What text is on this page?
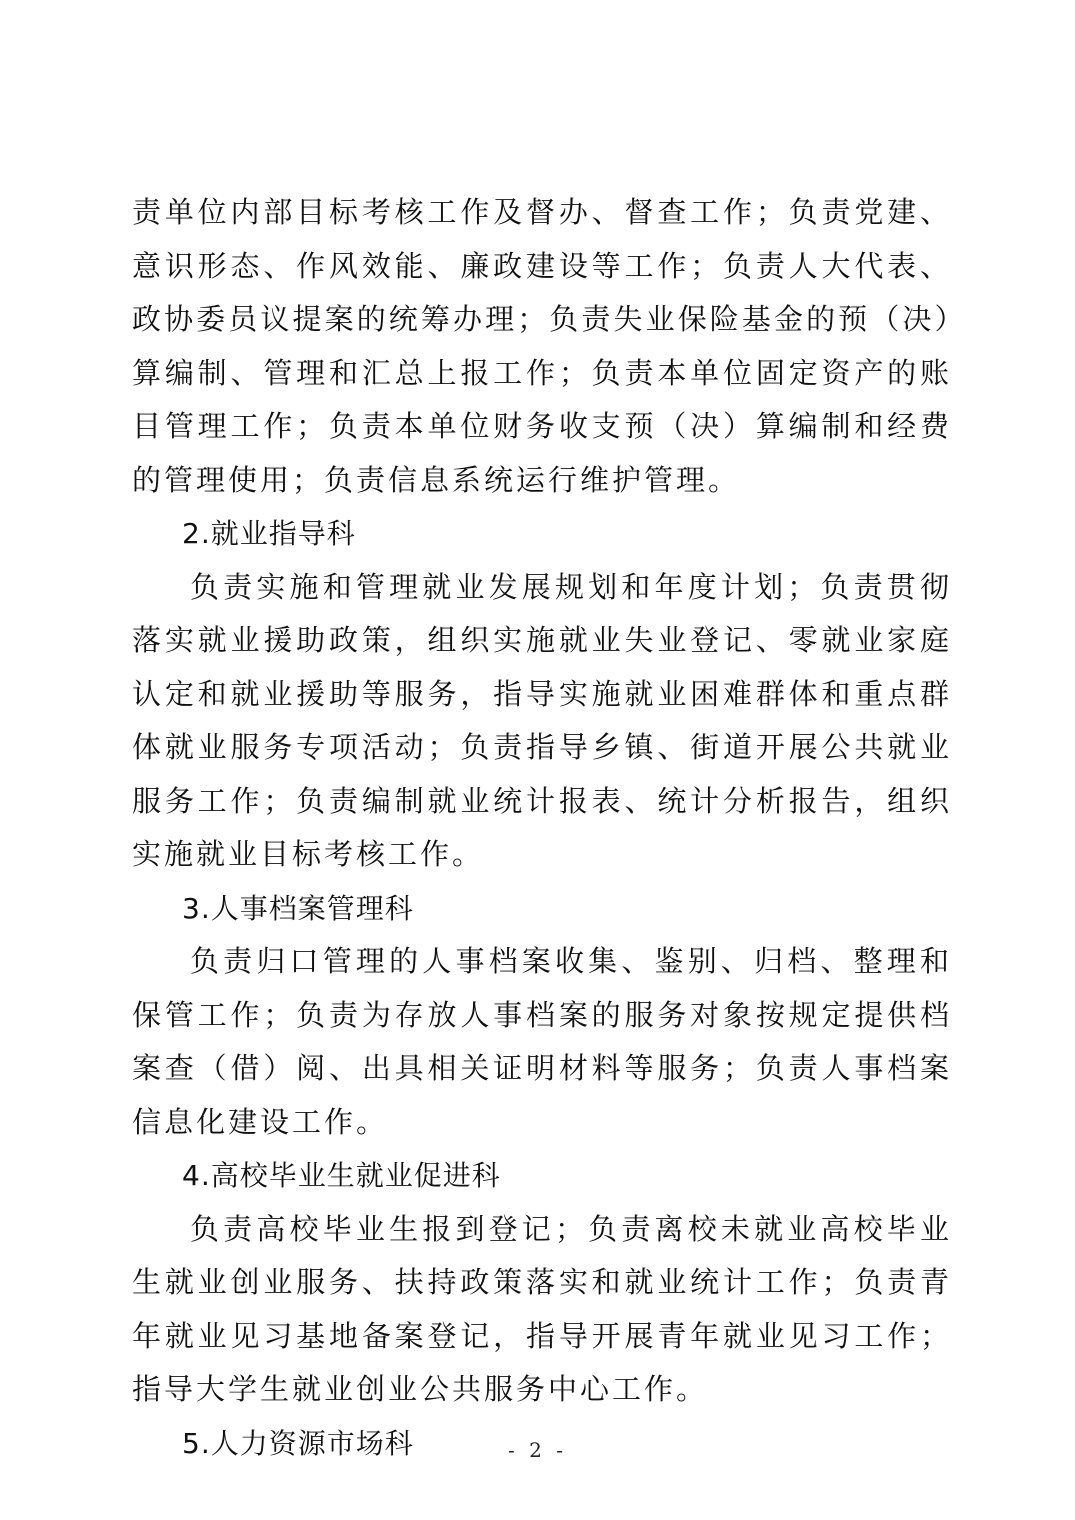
责单位内部目标考核工作及督办、督查工作；负责党建、意识形态、作风效能、廉政建设等工作；负责人大代表、政协委员议提案的统筹办理；负责失业保险基金的预（决）算编制、管理和汇总上报工作；负责本单位固定资产的账目管理工作；负责本单位财务收支预（决）算编制和经费的管理使用；负责信息系统运行维护管理。

2.就业指导科

负责实施和管理就业发展规划和年度计划；负责贯彻落实就业援助政策，组织实施就业失业登记、零就业家庭认定和就业援助等服务，指导实施就业困难群体和重点群体就业服务专项活动；负责指导乡镇、街道开展公共就业服务工作；负责编制就业统计报表、统计分析报告，组织实施就业目标考核工作。

3.人事档案管理科

负责归口管理的人事档案收集、鉴别、归档、整理和保管工作；负责为存放人事档案的服务对象按规定提供档案查（借）阅、出具相关证明材料等服务；负责人事档案信息化建设工作。

4.高校毕业生就业促进科

负责高校毕业生报到登记；负责离校未就业高校毕业生就业创业服务、扶持政策落实和就业统计工作；负责青年就业见习基地备案登记，指导开展青年就业见习工作；指导大学生就业创业公共服务中心工作。

5.人力资源市场科	- 2 -
